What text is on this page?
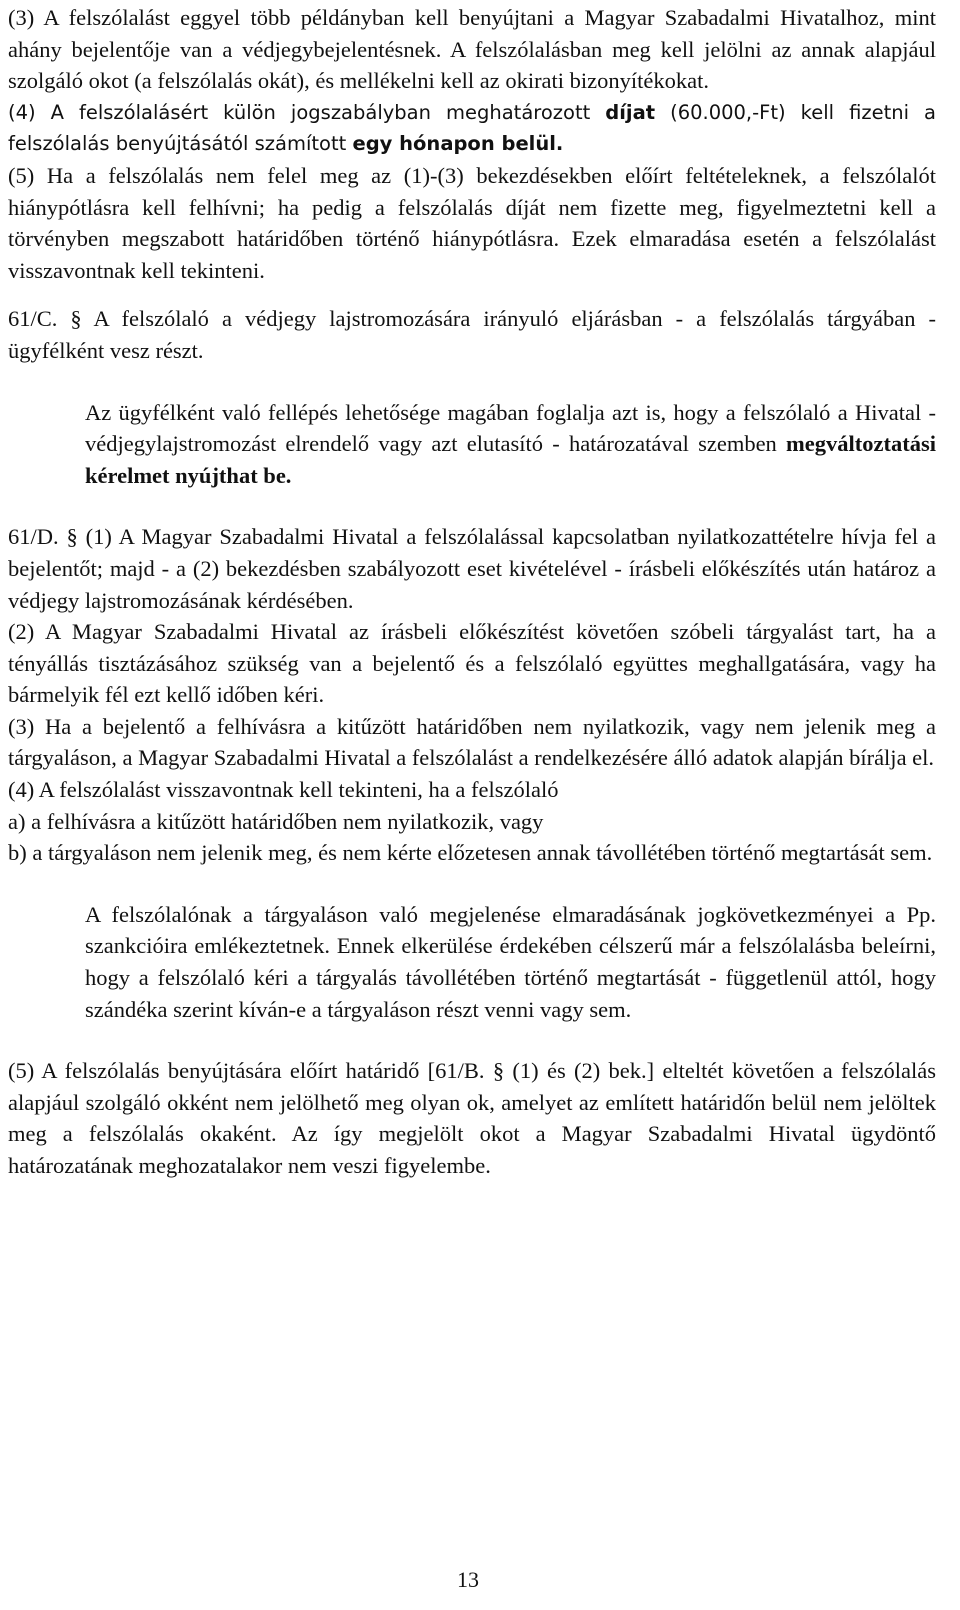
(3) A felszólalást eggyel több példányban kell benyújtani a Magyar Szabadalmi Hivatalhoz, mint ahány bejelentője van a védjegybejelentésnek. A felszólalásban meg kell jelölni az annak alapjául szolgáló okot (a felszólalás okát), és mellékelni kell az okirati bizonyítékokat.

(4) A felszólalásért külön jogszabályban meghatározott díjat (60.000,-Ft) kell fizetni a felszólalás benyújtásától számított egy hónapon belül.

(5) Ha a felszólalás nem felel meg az (1)-(3) bekezdésekben előírt feltételeknek, a felszólalót hiánypótlásra kell felhívni; ha pedig a felszólalás díját nem fizette meg, figyelmeztetni kell a törvényben megszabott határidőben történő hiánypótlásra. Ezek elmaradása esetén a felszólalást visszavontnak kell tekinteni.

61/C. § A felszólaló a védjegy lajstromozására irányuló eljárásban - a felszólalás tárgyában - ügyfélként vesz részt.

Az ügyfélként való fellépés lehetősége magában foglalja azt is, hogy a felszólaló a Hivatal - védjegylajstromozást elrendelő vagy azt elutasító - határozatával szemben megváltoztatási kérelmet nyújthat be.

61/D. § (1) A Magyar Szabadalmi Hivatal a felszólalással kapcsolatban nyilatkozattételre hívja fel a bejelentőt; majd - a (2) bekezdésben szabályozott eset kivételével - írásbeli előkészítés után határoz a védjegy lajstromozásának kérdésében.

(2) A Magyar Szabadalmi Hivatal az írásbeli előkészítést követően szóbeli tárgyalást tart, ha a tényállás tisztázásához szükség van a bejelentő és a felszólaló együttes meghallgatására, vagy ha bármelyik fél ezt kellő időben kéri.

(3) Ha a bejelentő a felhívásra a kitűzött határidőben nem nyilatkozik, vagy nem jelenik meg a tárgyaláson, a Magyar Szabadalmi Hivatal a felszólalást a rendelkezésére álló adatok alapján bírálja el.

(4) A felszólalást visszavontnak kell tekinteni, ha a felszólaló

a) a felhívásra a kitűzött határidőben nem nyilatkozik, vagy

b) a tárgyaláson nem jelenik meg, és nem kérte előzetesen annak távollétében történő megtartását sem.

A felszólalónak a tárgyaláson való megjelenése elmaradásának jogkövetkezményei a Pp. szankcióira emlékeztetnek. Ennek elkerülése érdekében célszerű már a felszólalásba beleírni, hogy a felszólaló kéri a tárgyalás távollétében történő megtartását - függetlenül attól, hogy szándéka szerint kíván-e a tárgyaláson részt venni vagy sem.

(5) A felszólalás benyújtására előírt határidő [61/B. § (1) és (2) bek.] elteltét követően a felszólalás alapjául szolgáló okként nem jelölhető meg olyan ok, amelyet az említett határidőn belül nem jelöltek meg a felszólalás okaként. Az így megjelölt okot a Magyar Szabadalmi Hivatal ügydöntő határozatának meghozatalakor nem veszi figyelembe.

13
